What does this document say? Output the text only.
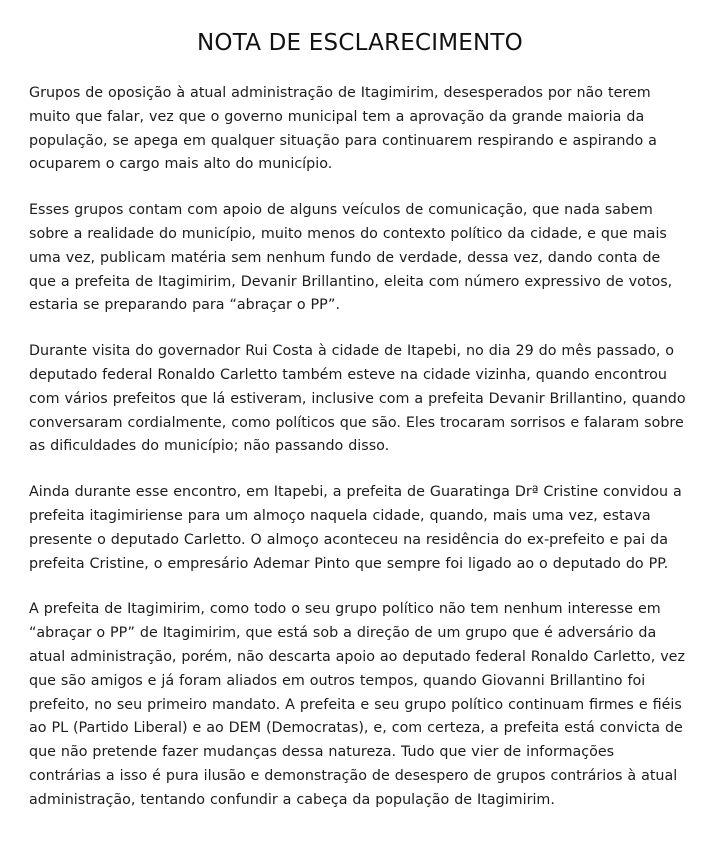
NOTA DE ESCLARECIMENTO

Grupos de oposição à atual administração de Itagimirim, desesperados por não terem muito que falar, vez que o governo municipal tem a aprovação da grande maioria da população, se apega em qualquer situação para continuarem respirando e aspirando a ocuparem o cargo mais alto do município.

Esses grupos contam com apoio de alguns veículos de comunicação, que nada sabem sobre a realidade do município, muito menos do contexto político da cidade, e que mais uma vez, publicam matéria sem nenhum fundo de verdade, dessa vez, dando conta de que a prefeita de Itagimirim, Devanir Brillantino, eleita com número expressivo de votos, estaria se preparando para “abraçar o PP”.

Durante visita do governador Rui Costa à cidade de Itapebi, no dia 29 do mês passado, o deputado federal Ronaldo Carletto também esteve na cidade vizinha, quando encontrou com vários prefeitos que lá estiveram, inclusive com a prefeita Devanir Brillantino, quando conversaram cordialmente, como políticos que são. Eles trocaram sorrisos e falaram sobre as dificuldades do município; não passando disso.

Ainda durante esse encontro, em Itapebi, a prefeita de Guaratinga Drª Cristine convidou a prefeita itagimiriense para um almoço naquela cidade, quando, mais uma vez, estava presente o deputado Carletto. O almoço aconteceu na residência do ex-prefeito e pai da prefeita Cristine, o empresário Ademar Pinto que sempre foi ligado ao o deputado do PP.

A prefeita de Itagimirim, como todo o seu grupo político não tem nenhum interesse em “abraçar o PP” de Itagimirim, que está sob a direção de um grupo que é adversário da atual administração, porém, não descarta apoio ao deputado federal Ronaldo Carletto, vez que são amigos e já foram aliados em outros tempos, quando Giovanni Brillantino foi prefeito, no seu primeiro mandato. A prefeita e seu grupo político continuam firmes e fiéis ao PL (Partido Liberal) e ao DEM (Democratas), e, com certeza, a prefeita está convicta de que não pretende fazer mudanças dessa natureza. Tudo que vier de informações contrárias a isso é pura ilusão e demonstração de desespero de grupos contrários à atual administração, tentando confundir a cabeça da população de Itagimirim.
